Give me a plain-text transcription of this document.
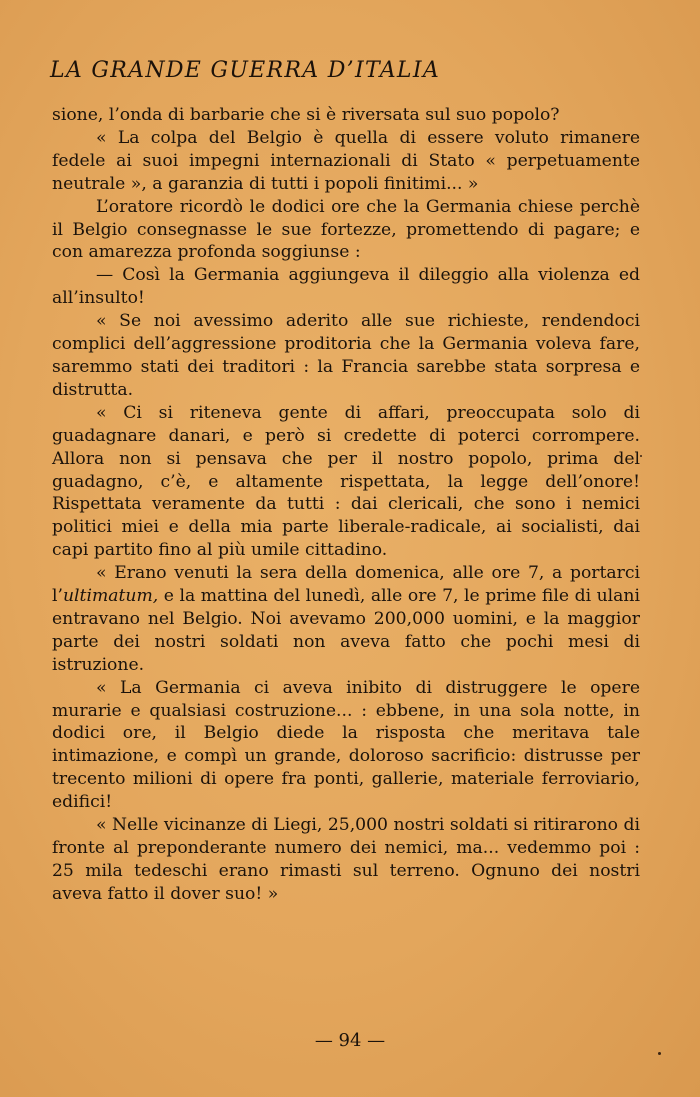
LA GRANDE GUERRA D’ITALIA

sione, l’onda di barbarie che si è riversata sul suo popolo?

« La colpa del Belgio è quella di essere voluto rimanere fedele ai suoi impegni internazionali di Stato « perpetuamente neutrale », a garanzia di tutti i popoli finitimi... »

L’oratore ricordò le dodici ore che la Germania chiese perchè il Belgio consegnasse le sue fortezze, promettendo di pagare; e con amarezza profonda soggiunse :

— Così la Germania aggiungeva il dileggio alla violenza ed all’insulto!

« Se noi avessimo aderito alle sue richieste, rendendoci complici dell’aggressione proditoria che la Germania voleva fare, saremmo stati dei traditori : la Francia sarebbe stata sorpresa e distrutta.

« Ci si riteneva gente di affari, preoccupata solo di guadagnare danari, e però si credette di poterci corrompere. Allora non si pensava che per il nostro popolo, prima del guadagno, c’è, e altamente rispettata, la legge dell’onore! Rispettata veramente da tutti : dai clericali, che sono i nemici politici miei e della mia parte liberale-radicale, ai socialisti, dai capi partito fino al più umile cittadino.

« Erano venuti la sera della domenica, alle ore 7, a portarci l’ultimatum, e la mattina del lunedì, alle ore 7, le prime file di ulani entravano nel Belgio. Noi avevamo 200,000 uomini, e la maggior parte dei nostri soldati non aveva fatto che pochi mesi di istruzione.

« La Germania ci aveva inibito di distruggere le opere murarie e qualsiasi costruzione... : ebbene, in una sola notte, in dodici ore, il Belgio diede la risposta che meritava tale intimazione, e compì un grande, doloroso sacrificio: distrusse per trecento milioni di opere fra ponti, gallerie, materiale ferroviario, edifici!

« Nelle vicinanze di Liegi, 25,000 nostri soldati si ritirarono di fronte al preponderante numero dei nemici, ma... vedemmo poi : 25 mila tedeschi erano rimasti sul terreno. Ognuno dei nostri aveva fatto il dover suo! »

— 94 —
